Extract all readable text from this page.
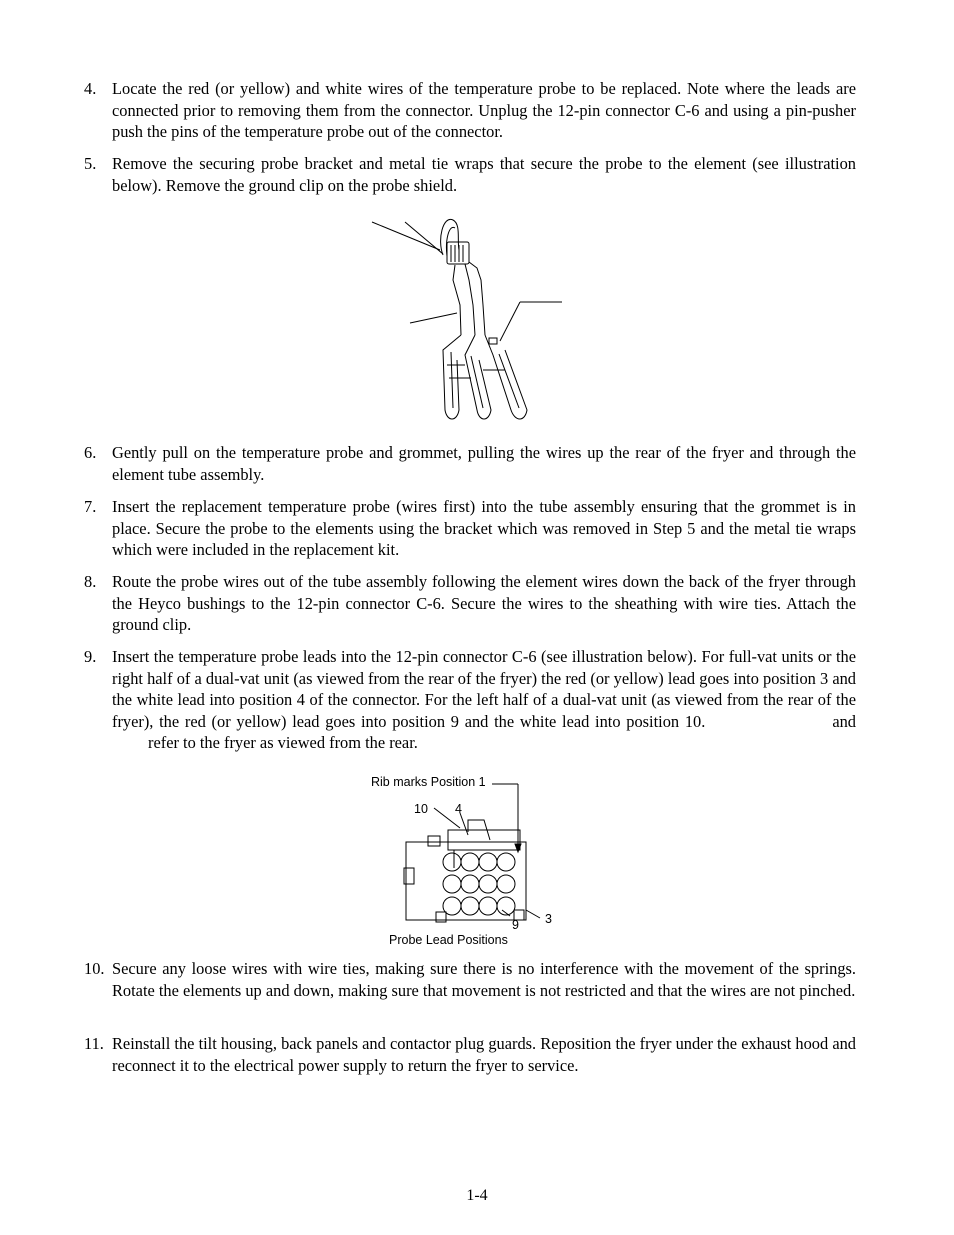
4. Locate the red (or yellow) and white wires of the temperature probe to be replaced. Note where the leads are connected prior to removing them from the connector. Unplug the 12-pin connector C-6 and using a pin-pusher push the pins of the temperature probe out of the connector.
5. Remove the securing probe bracket and metal tie wraps that secure the probe to the element (see illustration below). Remove the ground clip on the probe shield.
6. Gently pull on the temperature probe and grommet, pulling the wires up the rear of the fryer and through the element tube assembly.
7. Insert the replacement temperature probe (wires first) into the tube assembly ensuring that the grommet is in place. Secure the probe to the elements using the bracket which was removed in Step 5 and the metal tie wraps which were included in the replacement kit.
8. Route the probe wires out of the tube assembly following the element wires down the back of the fryer through the Heyco bushings to the 12-pin connector C-6. Secure the wires to the sheathing with wire ties. Attach the ground clip.
9. Insert the temperature probe leads into the 12-pin connector C-6 (see illustration below). For full-vat units or the right half of a dual-vat unit (as viewed from the rear of the fryer) the red (or yellow) lead goes into position 3 and the white lead into position 4 of the connector. For the left half of a dual-vat unit (as viewed from the rear of the fryer), the red (or yellow) lead goes into position 9 and the white lead into position 10.	andrefer to the fryer as viewed from the rear.
Rib marks Position 1
10 4
9 3
Probe Lead Positions
10. Secure any loose wires with wire ties, making sure there is no interference with the movement of the springs. Rotate the elements up and down, making sure that movement is not restricted and that the wires are not pinched.
11. Reinstall the tilt housing, back panels and contactor plug guards. Reposition the fryer under the exhaust hood and reconnect it to the electrical power supply to return the fryer to service.
1-4
